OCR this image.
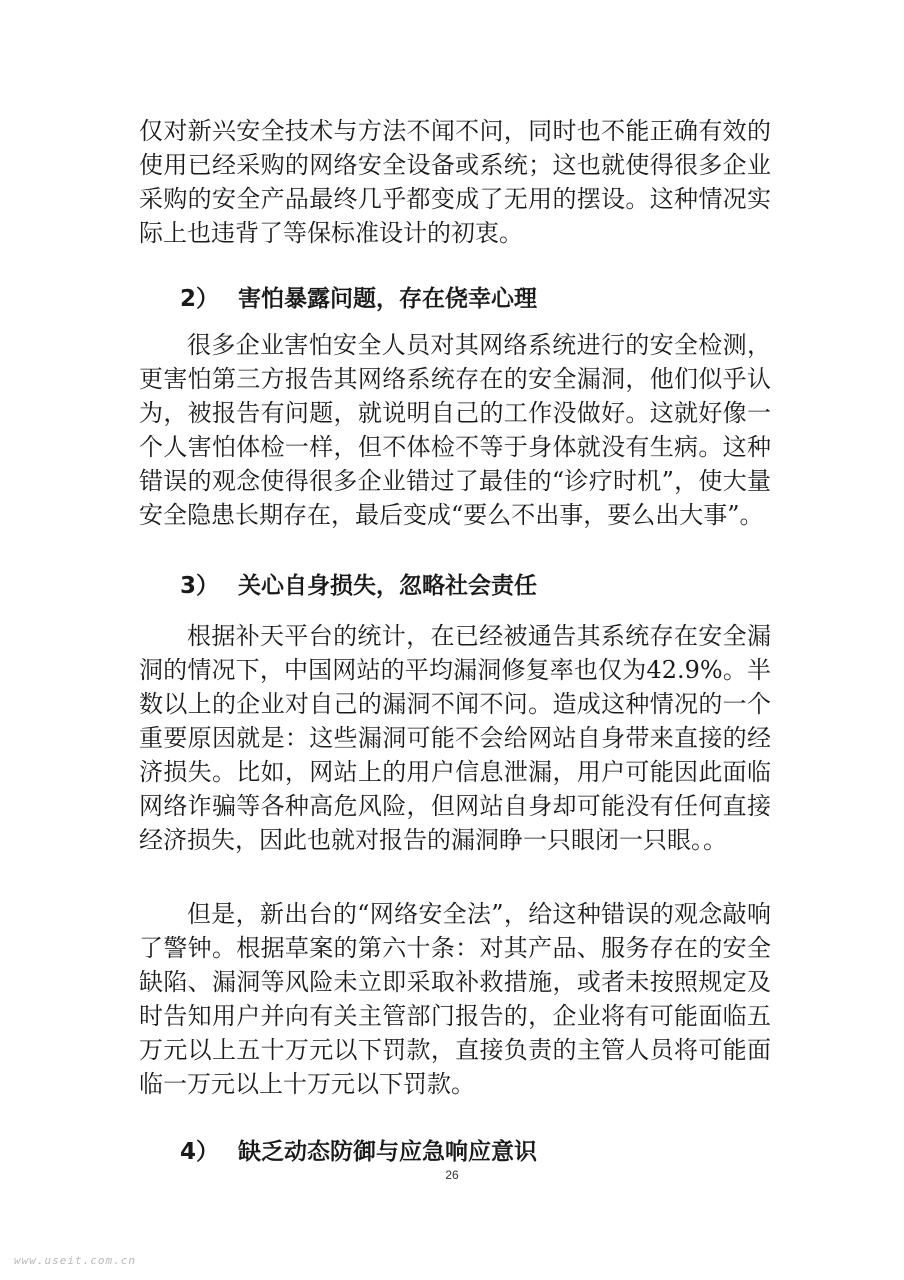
仅对新兴安全技术与方法不闻不问，同时也不能正确有效的使用已经采购的网络安全设备或系统；这也就使得很多企业采购的安全产品最终几乎都变成了无用的摆设。这种情况实际上也违背了等保标准设计的初衷。

2） 害怕暴露问题，存在侥幸心理

很多企业害怕安全人员对其网络系统进行的安全检测，更害怕第三方报告其网络系统存在的安全漏洞，他们似乎认为，被报告有问题，就说明自己的工作没做好。这就好像一个人害怕体检一样，但不体检不等于身体就没有生病。这种错误的观念使得很多企业错过了最佳的“诊疗时机”，使大量安全隐患长期存在，最后变成“要么不出事，要么出大事”。

3） 关心自身损失，忽略社会责任

根据补天平台的统计，在已经被通告其系统存在安全漏洞的情况下，中国网站的平均漏洞修复率也仅为42.9%。半数以上的企业对自己的漏洞不闻不问。造成这种情况的一个重要原因就是：这些漏洞可能不会给网站自身带来直接的经济损失。比如，网站上的用户信息泄漏，用户可能因此面临网络诈骗等各种高危风险，但网站自身却可能没有任何直接经济损失，因此也就对报告的漏洞睁一只眼闭一只眼。。

但是，新出台的“网络安全法”，给这种错误的观念敲响了警钟。根据草案的第六十条：对其产品、服务存在的安全缺陷、漏洞等风险未立即采取补救措施，或者未按照规定及时告知用户并向有关主管部门报告的，企业将有可能面临五万元以上五十万元以下罚款，直接负责的主管人员将可能面临一万元以上十万元以下罚款。

4） 缺乏动态防御与应急响应意识
26
www.useit.com.cn
